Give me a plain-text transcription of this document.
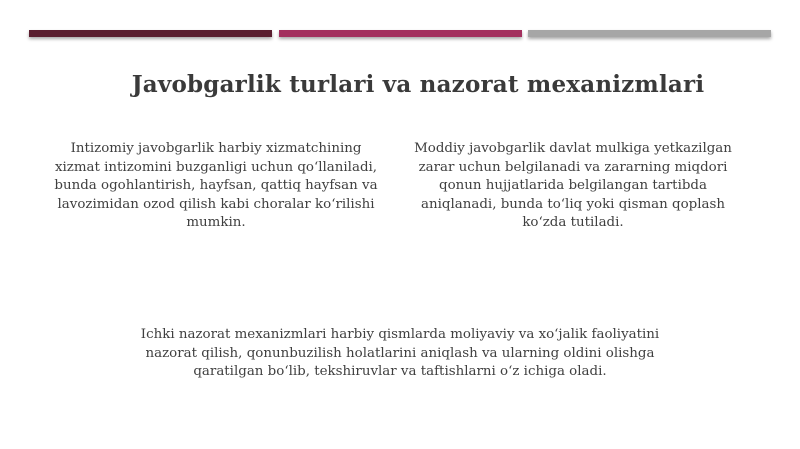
Javobgarlik turlari va nazorat mexanizmlari

Intizomiy javobgarlik harbiy xizmatchining xizmat intizomini buzganligi uchun qo‘llaniladi, bunda ogohlantirish, hayfsan, qattiq hayfsan va lavozimidan ozod qilish kabi choralar ko‘rilishi mumkin.

Moddiy javobgarlik davlat mulkiga yetkazilgan zarar uchun belgilanadi va zararning miqdori qonun hujjatlarida belgilangan tartibda aniqlanadi, bunda to‘liq yoki qisman qoplash ko‘zda tutiladi.

Ichki nazorat mexanizmlari harbiy qismlarda moliyaviy va xo‘jalik faoliyatini nazorat qilish, qonunbuzilish holatlarini aniqlash va ularning oldini olishga qaratilgan bo‘lib, tekshiruvlar va taftishlarni o‘z ichiga oladi.
